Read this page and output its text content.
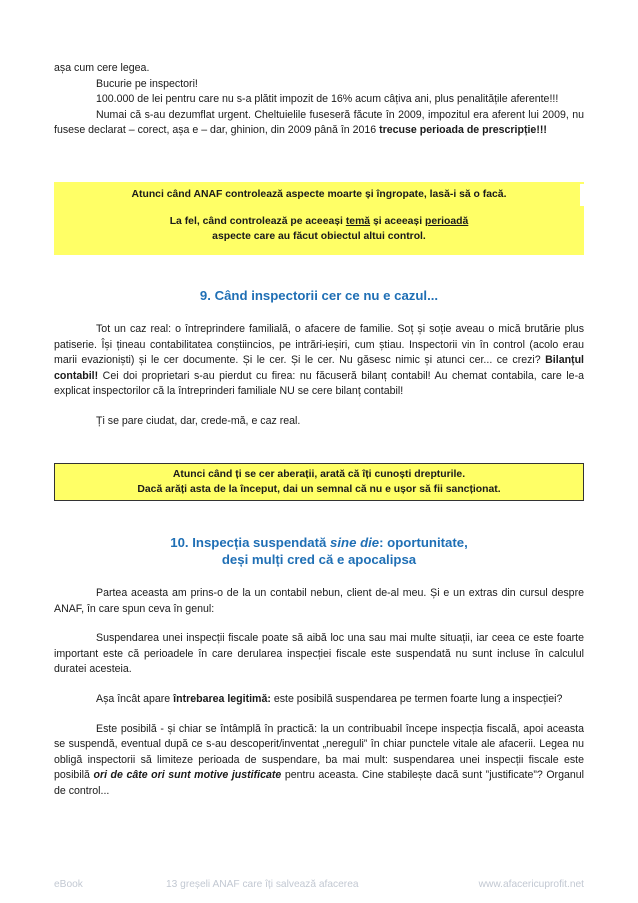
așa cum cere legea.

Bucurie pe inspectori!

100.000 de lei pentru care nu s-a plătit impozit de 16% acum câțiva ani, plus penalitățile aferente!!!

Numai că s-au dezumflat urgent. Cheltuielile fuseseră făcute în 2009, impozitul era aferent lui 2009, nu fusese declarat – corect, așa e – dar, ghinion, din 2009 până în 2016 trecuse perioada de prescripție!!!

Atunci când ANAF controlează aspecte moarte și îngropate, lasă-i să o facă.

La fel, când controlează pe aceeași temă și aceeași perioadă

aspecte care au făcut obiectul altui control.

9. Când inspectorii cer ce nu e cazul...

Tot un caz real: o întreprindere familială, o afacere de familie. Soț și soție aveau o mică brutărie plus patiserie. Își țineau contabilitatea conștiincios, pe intrări-ieșiri, cum știau. Inspectorii vin în control (acolo erau marii evazioniști) și le cer documente. Și le cer. Și le cer. Nu găsesc nimic și atunci cer... ce crezi? Bilanțul contabil! Cei doi proprietari s-au pierdut cu firea: nu făcuseră bilanț contabil! Au chemat contabila, care le-a explicat inspectorilor că la întreprinderi familiale NU se cere bilanț contabil!

Ți se pare ciudat, dar, crede-mă, e caz real.

Atunci când ți se cer aberații, arată că îți cunoști drepturile.

Dacă arăți asta de la început, dai un semnal că nu e ușor să fii sancționat.

10. Inspecția suspendată sine die: oportunitate,
deși mulți cred că e apocalipsa

Partea aceasta am prins-o de la un contabil nebun, client de-al meu. Și e un extras din cursul despre ANAF, în care spun ceva în genul:

Suspendarea unei inspecții fiscale poate să aibă loc una sau mai multe situații, iar ceea ce este foarte important este că perioadele în care derularea inspecției fiscale este suspendată nu sunt incluse în calculul duratei acesteia.

Așa încât apare întrebarea legitimă: este posibilă suspendarea pe termen foarte lung a inspecției?

Este posibilă - și chiar se întâmplă în practică: la un contribuabil începe inspecția fiscală, apoi aceasta se suspendă, eventual după ce s-au descoperit/inventat „nereguli” în chiar punctele vitale ale afacerii. Legea nu obligă inspectorii să limiteze perioada de suspendare, ba mai mult: suspendarea unei inspecții fiscale este posibilă ori de câte ori sunt motive justificate pentru aceasta. Cine stabilește dacă sunt ”justificate”? Organul de control...

eBook	13 greșeli ANAF care îți salvează afacerea	www.afacericuprofit.net
